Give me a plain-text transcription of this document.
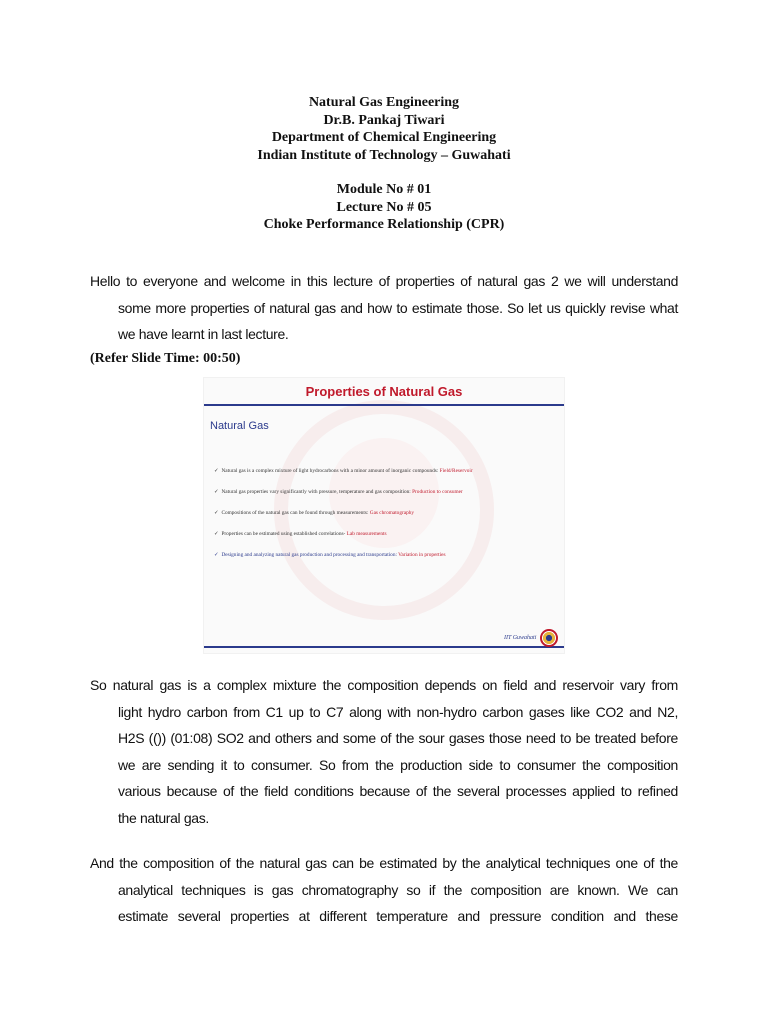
Natural Gas Engineering
Dr.B. Pankaj Tiwari
Department of Chemical Engineering
Indian Institute of Technology – Guwahati
Module No # 01
Lecture No # 05
Choke Performance Relationship (CPR)
Hello to everyone and welcome in this lecture of properties of natural gas 2 we will understand
some more properties of natural gas and how to estimate those. So let us quickly revise what
we have learnt in last lecture.
(Refer Slide Time: 00:50)
Properties of Natural Gas
Natural Gas
✓ Natural gas is a complex mixture of light hydrocarbons with a minor amount of inorganic compounds: Field/Reservoir
✓ Natural gas properties vary significantly with pressure, temperature and gas composition: Production to consumer
✓ Compositions of the natural gas can be found through measurements: Gas chromatography
✓ Properties can be estimated using established correlations- Lab measurements
✓ Designing and analyzing natural gas production and processing and transportation: Variation in properties
IIT Guwahati
So natural gas is a complex mixture the composition depends on field and reservoir vary from
light hydro carbon from C1 up to C7 along with non-hydro carbon gases like CO2 and N2,
H2S (()) (01:08) SO2 and others and some of the sour gases those need to be treated before
we are sending it to consumer. So from the production side to consumer the composition
various because of the field conditions because of the several processes applied to refined
the natural gas.
And the composition of the natural gas can be estimated by the analytical techniques one of the
analytical techniques is gas chromatography so if the composition are known. We can
estimate several properties at different temperature and pressure condition and these
